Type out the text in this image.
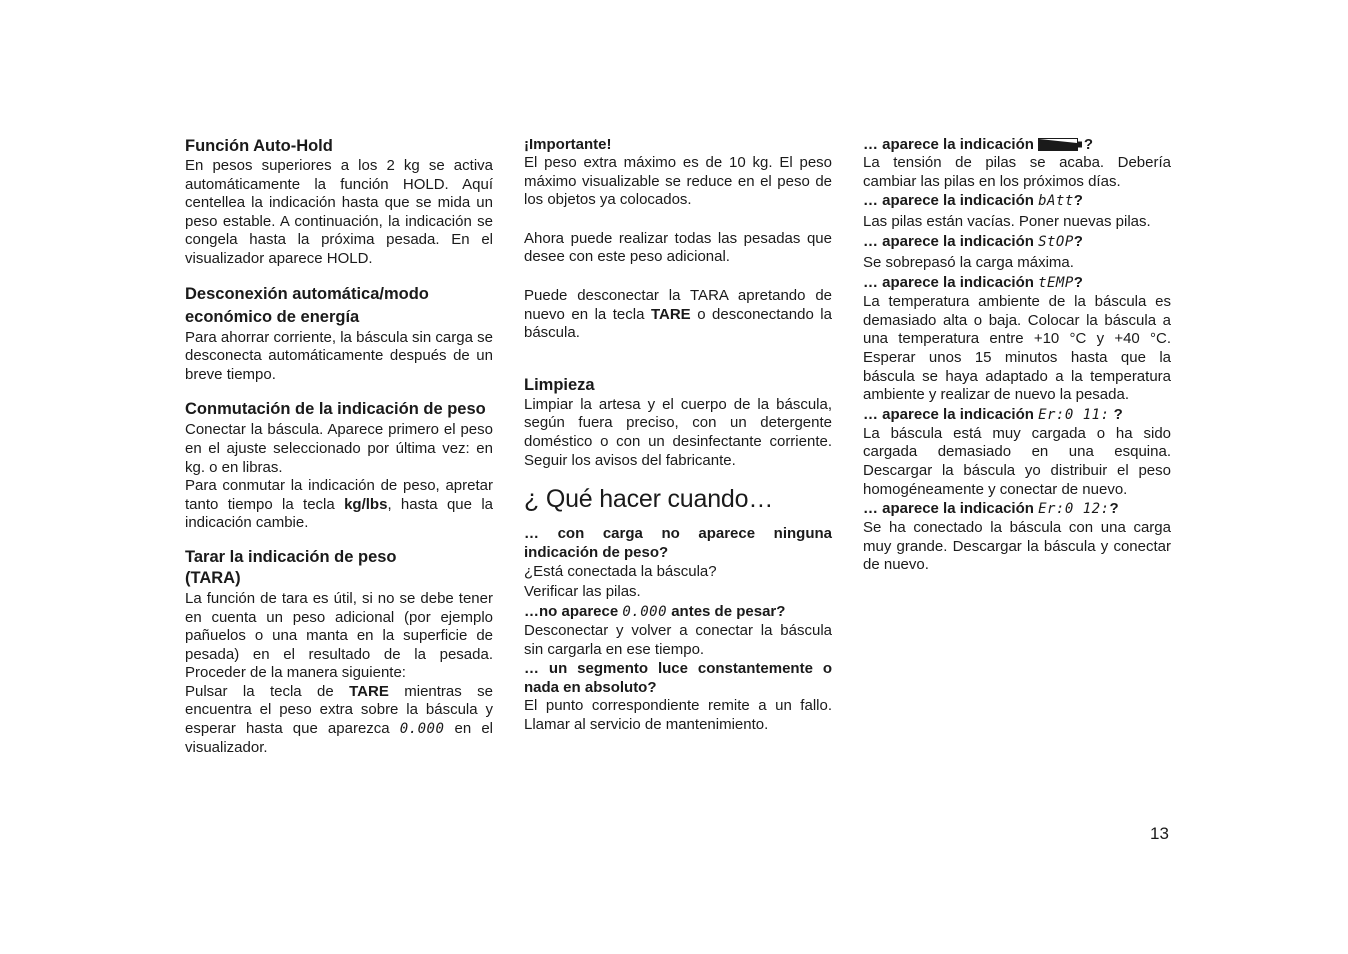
Función Auto-Hold

En pesos superiores a los 2 kg se activa automáticamente la función HOLD. Aquí centellea la indicación hasta que se mida un peso estable. A continuación, la indicación se congela hasta la próxima pesada. En el visualizador aparece HOLD.

Desconexión automática/modo económico de energía

Para ahorrar corriente, la báscula sin carga se desconecta automáticamente después de un breve tiempo.

Conmutación de la indicación de peso

Conectar la báscula. Aparece primero el peso en el ajuste seleccionado por última vez: en kg. o en libras.

Para conmutar la indicación de peso, apretar tanto tiempo la tecla kg/lbs, hasta que la indicación cambie.

Tarar la indicación de peso (TARA)

La función de tara es útil, si no se debe tener en cuenta un peso adicional (por ejemplo pañuelos o una manta en la superficie de pesada) en el resultado de la pesada. Proceder de la manera siguiente:

Pulsar la tecla de TARE mientras se encuentra el peso extra sobre la báscula y esperar hasta que aparezca 0.000 en el visualizador.

¡Importante!

El peso extra máximo es de 10 kg. El peso máximo visualizable se reduce en el peso de los objetos ya colocados.

Ahora puede realizar todas las pesadas que desee con este peso adicional.

Puede desconectar la TARA apretando de nuevo en la tecla TARE o desconectando la báscula.

Limpieza

Limpiar la artesa y el cuerpo de la báscula, según fuera preciso, con un detergente doméstico o con un desinfectante corriente. Seguir los avisos del fabricante.

¿ Qué hacer cuando…
… con carga no aparece ninguna indicación de peso?

¿Está conectada la báscula?

Verificar las pilas.

…no aparece 0.000 antes de pesar?

Desconectar y volver a conectar la báscula sin cargarla en ese tiempo.

… un segmento luce constantemente o nada en absoluto?

El punto correspondiente remite a un fallo. Llamar al servicio de mantenimiento.

… aparece la indicación	?

La tensión de pilas se acaba. Debería cambiar las pilas en los próximos días.

… aparece la indicación bAtt?

Las pilas están vacías. Poner nuevas pilas.

… aparece la indicación StOP?

Se sobrepasó la carga máxima.

… aparece la indicación tEMP?

La temperatura ambiente de la báscula es demasiado alta o baja. Colocar la báscula a una temperatura entre +10 °C y +40 °C. Esperar unos 15 minutos hasta que la báscula se haya adaptado a la temperatura ambiente y realizar de nuevo la pesada.

… aparece la indicación Er:0 11: ?

La báscula está muy cargada o ha sido cargada demasiado en una esquina. Descargar la báscula yo distribuir el peso homogéneamente y conectar de nuevo.

… aparece la indicación Er:0 12:?

Se ha conectado la báscula con una carga muy grande. Descargar la báscula y conectar de nuevo.

13
